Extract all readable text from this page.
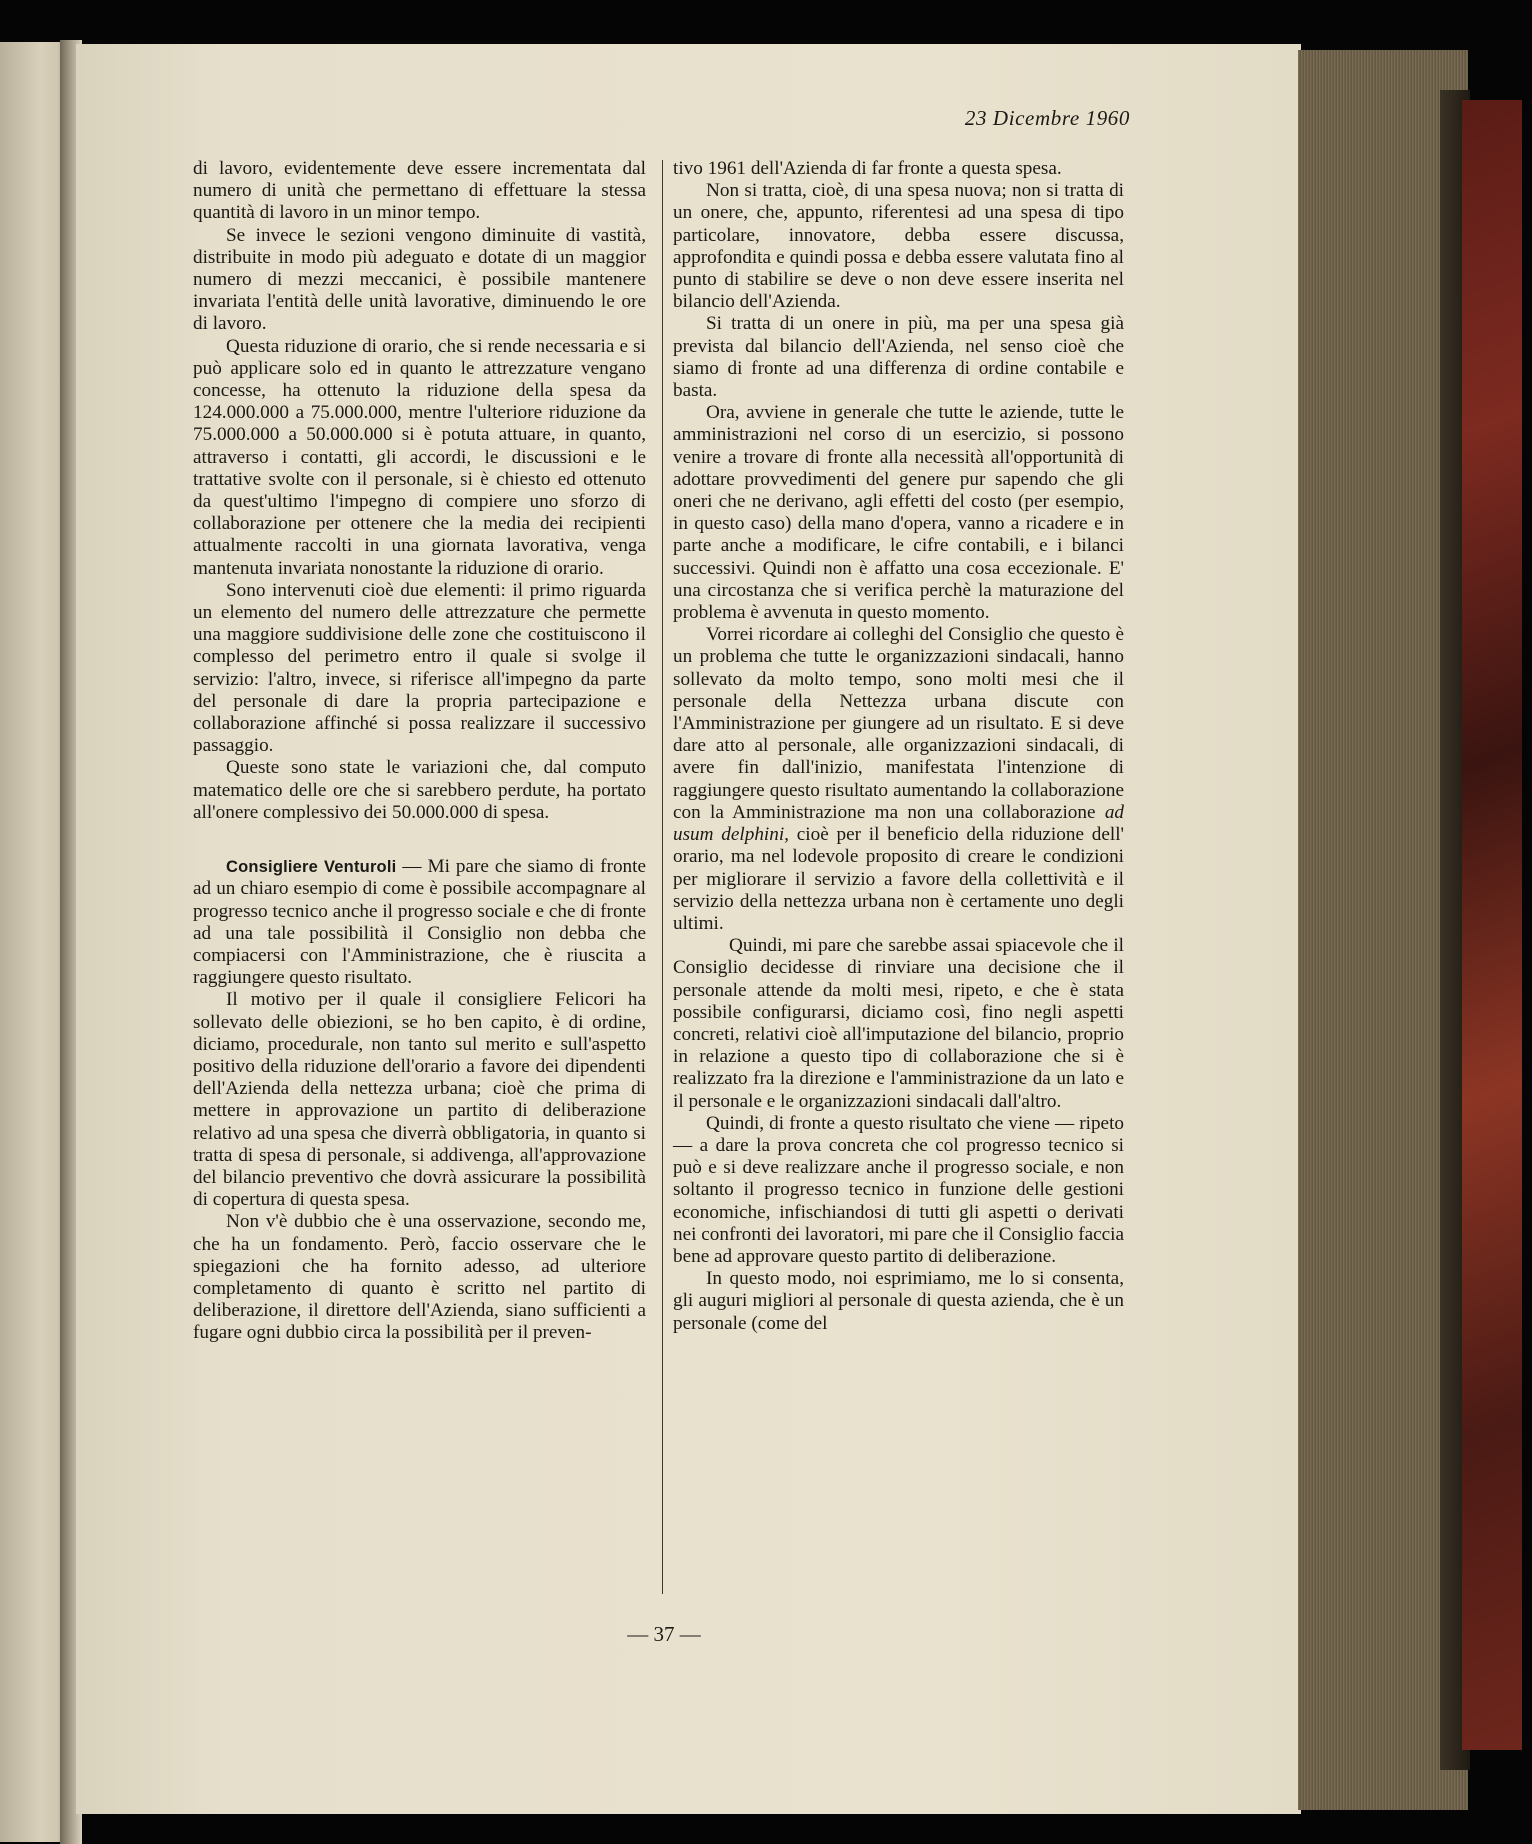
23 Dicembre 1960

di lavoro, evidentemente deve essere incrementata dal numero di unità che permettano di effettuare la stessa quantità di lavoro in un minor tempo.

Se invece le sezioni vengono diminuite di vastità, distribuite in modo più adeguato e dotate di un maggior numero di mezzi meccanici, è possibile mantenere invariata l'entità delle unità lavorative, diminuendo le ore di lavoro.

Questa riduzione di orario, che si rende necessaria e si può applicare solo ed in quanto le attrezzature vengano concesse, ha ottenuto la riduzione della spesa da 124.000.000 a 75.000.000, mentre l'ulteriore riduzione da 75.000.000 a 50.000.000 si è potuta attuare, in quanto, attraverso i contatti, gli accordi, le discussioni e le trattative svolte con il personale, si è chiesto ed ottenuto da quest'ultimo l'impegno di compiere uno sforzo di collaborazione per ottenere che la media dei recipienti attualmente raccolti in una giornata lavorativa, venga mantenuta invariata nonostante la riduzione di orario.

Sono intervenuti cioè due elementi: il primo riguarda un elemento del numero delle attrezzature che permette una maggiore suddivisione delle zone che costituiscono il complesso del perimetro entro il quale si svolge il servizio: l'altro, invece, si riferisce all'impegno da parte del personale di dare la propria partecipazione e collaborazione affinché si possa realizzare il successivo passaggio.

Queste sono state le variazioni che, dal computo matematico delle ore che si sarebbero perdute, ha portato all'onere complessivo dei 50.000.000 di spesa.

Consigliere Venturoli — Mi pare che siamo di fronte ad un chiaro esempio di come è possibile accompagnare al progresso tecnico anche il progresso sociale e che di fronte ad una tale possibilità il Consiglio non debba che compiacersi con l'Amministrazione, che è riuscita a raggiungere questo risultato.

Il motivo per il quale il consigliere Felicori ha sollevato delle obiezioni, se ho ben capito, è di ordine, diciamo, procedurale, non tanto sul merito e sull'aspetto positivo della riduzione dell'orario a favore dei dipendenti dell'Azienda della nettezza urbana; cioè che prima di mettere in approvazione un partito di deliberazione relativo ad una spesa che diverrà obbligatoria, in quanto si tratta di spesa di personale, si addivenga, all'approvazione del bilancio preventivo che dovrà assicurare la possibilità di copertura di questa spesa.

Non v'è dubbio che è una osservazione, secondo me, che ha un fondamento. Però, faccio osservare che le spiegazioni che ha fornito adesso, ad ulteriore completamento di quanto è scritto nel partito di deliberazione, il direttore dell'Azienda, siano sufficienti a fugare ogni dubbio circa la possibilità per il preven-

tivo 1961 dell'Azienda di far fronte a questa spesa.

Non si tratta, cioè, di una spesa nuova; non si tratta di un onere, che, appunto, riferentesi ad una spesa di tipo particolare, innovatore, debba essere discussa, approfondita e quindi possa e debba essere valutata fino al punto di stabilire se deve o non deve essere inserita nel bilancio dell'Azienda.

Si tratta di un onere in più, ma per una spesa già prevista dal bilancio dell'Azienda, nel senso cioè che siamo di fronte ad una differenza di ordine contabile e basta.

Ora, avviene in generale che tutte le aziende, tutte le amministrazioni nel corso di un esercizio, si possono venire a trovare di fronte alla necessità all'opportunità di adottare provvedimenti del genere pur sapendo che gli oneri che ne derivano, agli effetti del costo (per esempio, in questo caso) della mano d'opera, vanno a ricadere e in parte anche a modificare, le cifre contabili, e i bilanci successivi. Quindi non è affatto una cosa eccezionale. E' una circostanza che si verifica perchè la maturazione del problema è avvenuta in questo momento.

Vorrei ricordare ai colleghi del Consiglio che questo è un problema che tutte le organizzazioni sindacali, hanno sollevato da molto tempo, sono molti mesi che il personale della Nettezza urbana discute con l'Amministrazione per giungere ad un risultato. E si deve dare atto al personale, alle organizzazioni sindacali, di avere fin dall'inizio, manifestata l'intenzione di raggiungere questo risultato aumentando la collaborazione con la Amministrazione ma non una collaborazione ad usum delphini, cioè per il beneficio della riduzione dell' orario, ma nel lodevole proposito di creare le condizioni per migliorare il servizio a favore della collettività e il servizio della nettezza urbana non è certamente uno degli ultimi.

Quindi, mi pare che sarebbe assai spiacevole che il Consiglio decidesse di rinviare una decisione che il personale attende da molti mesi, ripeto, e che è stata possibile configurarsi, diciamo così, fino negli aspetti concreti, relativi cioè all'imputazione del bilancio, proprio in relazione a questo tipo di collaborazione che si è realizzato fra la direzione e l'amministrazione da un lato e il personale e le organizzazioni sindacali dall'altro.

Quindi, di fronte a questo risultato che viene — ripeto — a dare la prova concreta che col progresso tecnico si può e si deve realizzare anche il progresso sociale, e non soltanto il progresso tecnico in funzione delle gestioni economiche, infischiandosi di tutti gli aspetti o derivati nei confronti dei lavoratori, mi pare che il Consiglio faccia bene ad approvare questo partito di deliberazione.

In questo modo, noi esprimiamo, me lo si consenta, gli auguri migliori al personale di questa azienda, che è un personale (come del

— 37 —
